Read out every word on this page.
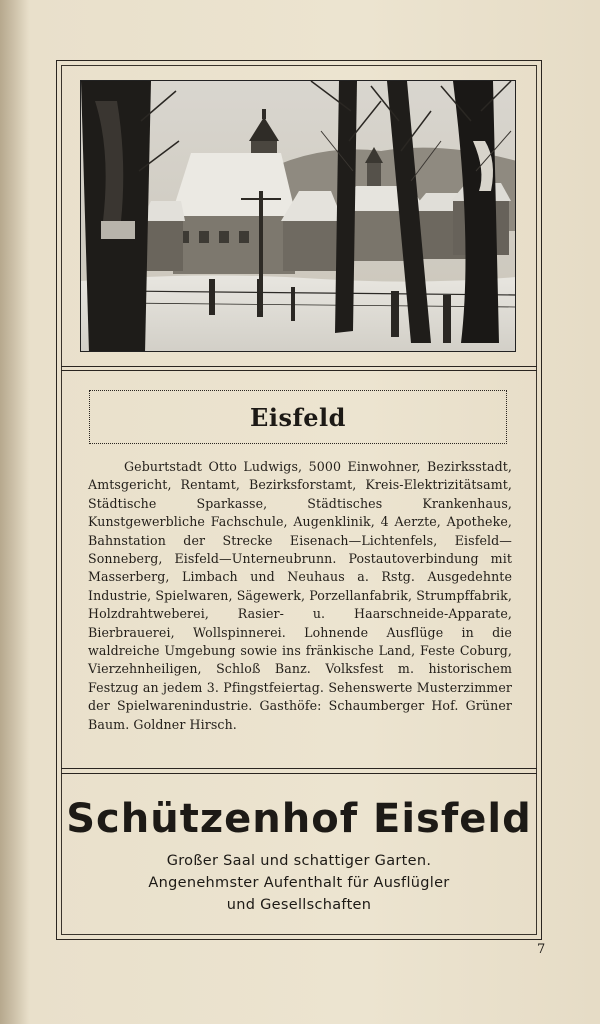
Eisfeld

Geburtstadt Otto Ludwigs, 5000 Einwohner, Bezirksstadt, Amtsgericht, Rentamt, Bezirksforstamt, Kreis-Elektrizitätsamt, Städtische Sparkasse, Städtisches Krankenhaus, Kunstgewerbliche Fachschule, Augenklinik, 4 Aerzte, Apotheke, Bahnstation der Strecke Eisenach—Lichtenfels, Eisfeld—Sonneberg, Eisfeld—Unterneubrunn. Postautoverbindung mit Masserberg, Limbach und Neuhaus a. Rstg. Ausgedehnte Industrie, Spielwaren, Sägewerk, Porzellanfabrik, Strumpffabrik, Holzdrahtweberei, Rasier- u. Haarschneide-Apparate, Bierbrauerei, Wollspinnerei. Lohnende Ausflüge in die waldreiche Umgebung sowie ins fränkische Land, Feste Coburg, Vierzehnheiligen, Schloß Banz. Volksfest m. historischem Festzug an jedem 3. Pfingstfeiertag. Sehenswerte Musterzimmer der Spielwarenindustrie. Gasthöfe: Schaumberger Hof. Grüner Baum. Goldner Hirsch.

Schützenhof Eisfeld
Großer Saal und schattiger Garten.
Angenehmster Aufenthalt für Ausflügler
und Gesellschaften
7
